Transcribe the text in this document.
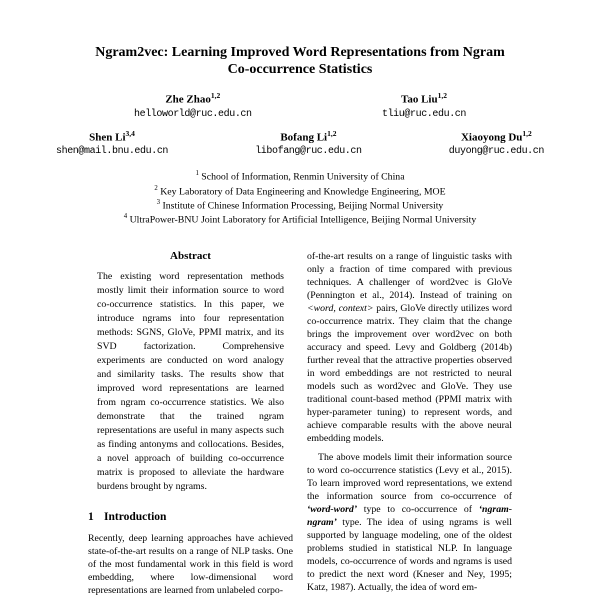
Ngram2vec: Learning Improved Word Representations from Ngram
Co-occurrence Statistics
Zhe Zhao$^{1,2}$
helloworld@ruc.edu.cn
Tao Liu$^{1,2}$
tliu@ruc.edu.cn
Shen Li$^{3,4}$
shen@mail.bnu.edu.cn
Bofang Li$^{1,2}$
libofang@ruc.edu.cn
Xiaoyong Du$^{1,2}$
duyong@ruc.edu.cn
$^1$ School of Information, Renmin University of China
$^2$ Key Laboratory of Data Engineering and Knowledge Engineering, MOE
$^3$ Institute of Chinese Information Processing, Beijing Normal University
$^4$ UltraPower-BNU Joint Laboratory for Artificial Intelligence, Beijing Normal University
Abstract

The existing word representation methods mostly limit their information source to word co-occurrence statistics. In this paper, we introduce ngrams into four representation methods: SGNS, GloVe, PPMI matrix, and its SVD factorization. Comprehensive experiments are conducted on word analogy and similarity tasks. The results show that improved word representations are learned from ngram co-occurrence statistics. We also demonstrate that the trained ngram representations are useful in many aspects such as finding antonyms and collocations. Besides, a novel approach of building co-occurrence matrix is proposed to alleviate the hardware burdens brought by ngrams.

1 Introduction

Recently, deep learning approaches have achieved state-of-the-art results on a range of NLP tasks. One of the most fundamental work in this field is word embedding, where low-dimensional word representations are learned from unlabeled corpo-

of-the-art results on a range of linguistic tasks with only a fraction of time compared with previous techniques. A challenger of word2vec is GloVe (Pennington et al., 2014). Instead of training on <word, context> pairs, GloVe directly utilizes word co-occurrence matrix. They claim that the change brings the improvement over word2vec on both accuracy and speed. Levy and Goldberg (2014b) further reveal that the attractive properties observed in word embeddings are not restricted to neural models such as word2vec and GloVe. They use traditional count-based method (PPMI matrix with hyper-parameter tuning) to represent words, and achieve comparable results with the above neural embedding models.

The above models limit their information source to word co-occurrence statistics (Levy et al., 2015). To learn improved word representations, we extend the information source from co-occurrence of ‘word-word’ type to co-occurrence of ‘ngram-ngram’ type. The idea of using ngrams is well supported by language modeling, one of the oldest problems studied in statistical NLP. In language models, co-occurrence of words and ngrams is used to predict the next word (Kneser and Ney, 1995; Katz, 1987). Actually, the idea of word em-
